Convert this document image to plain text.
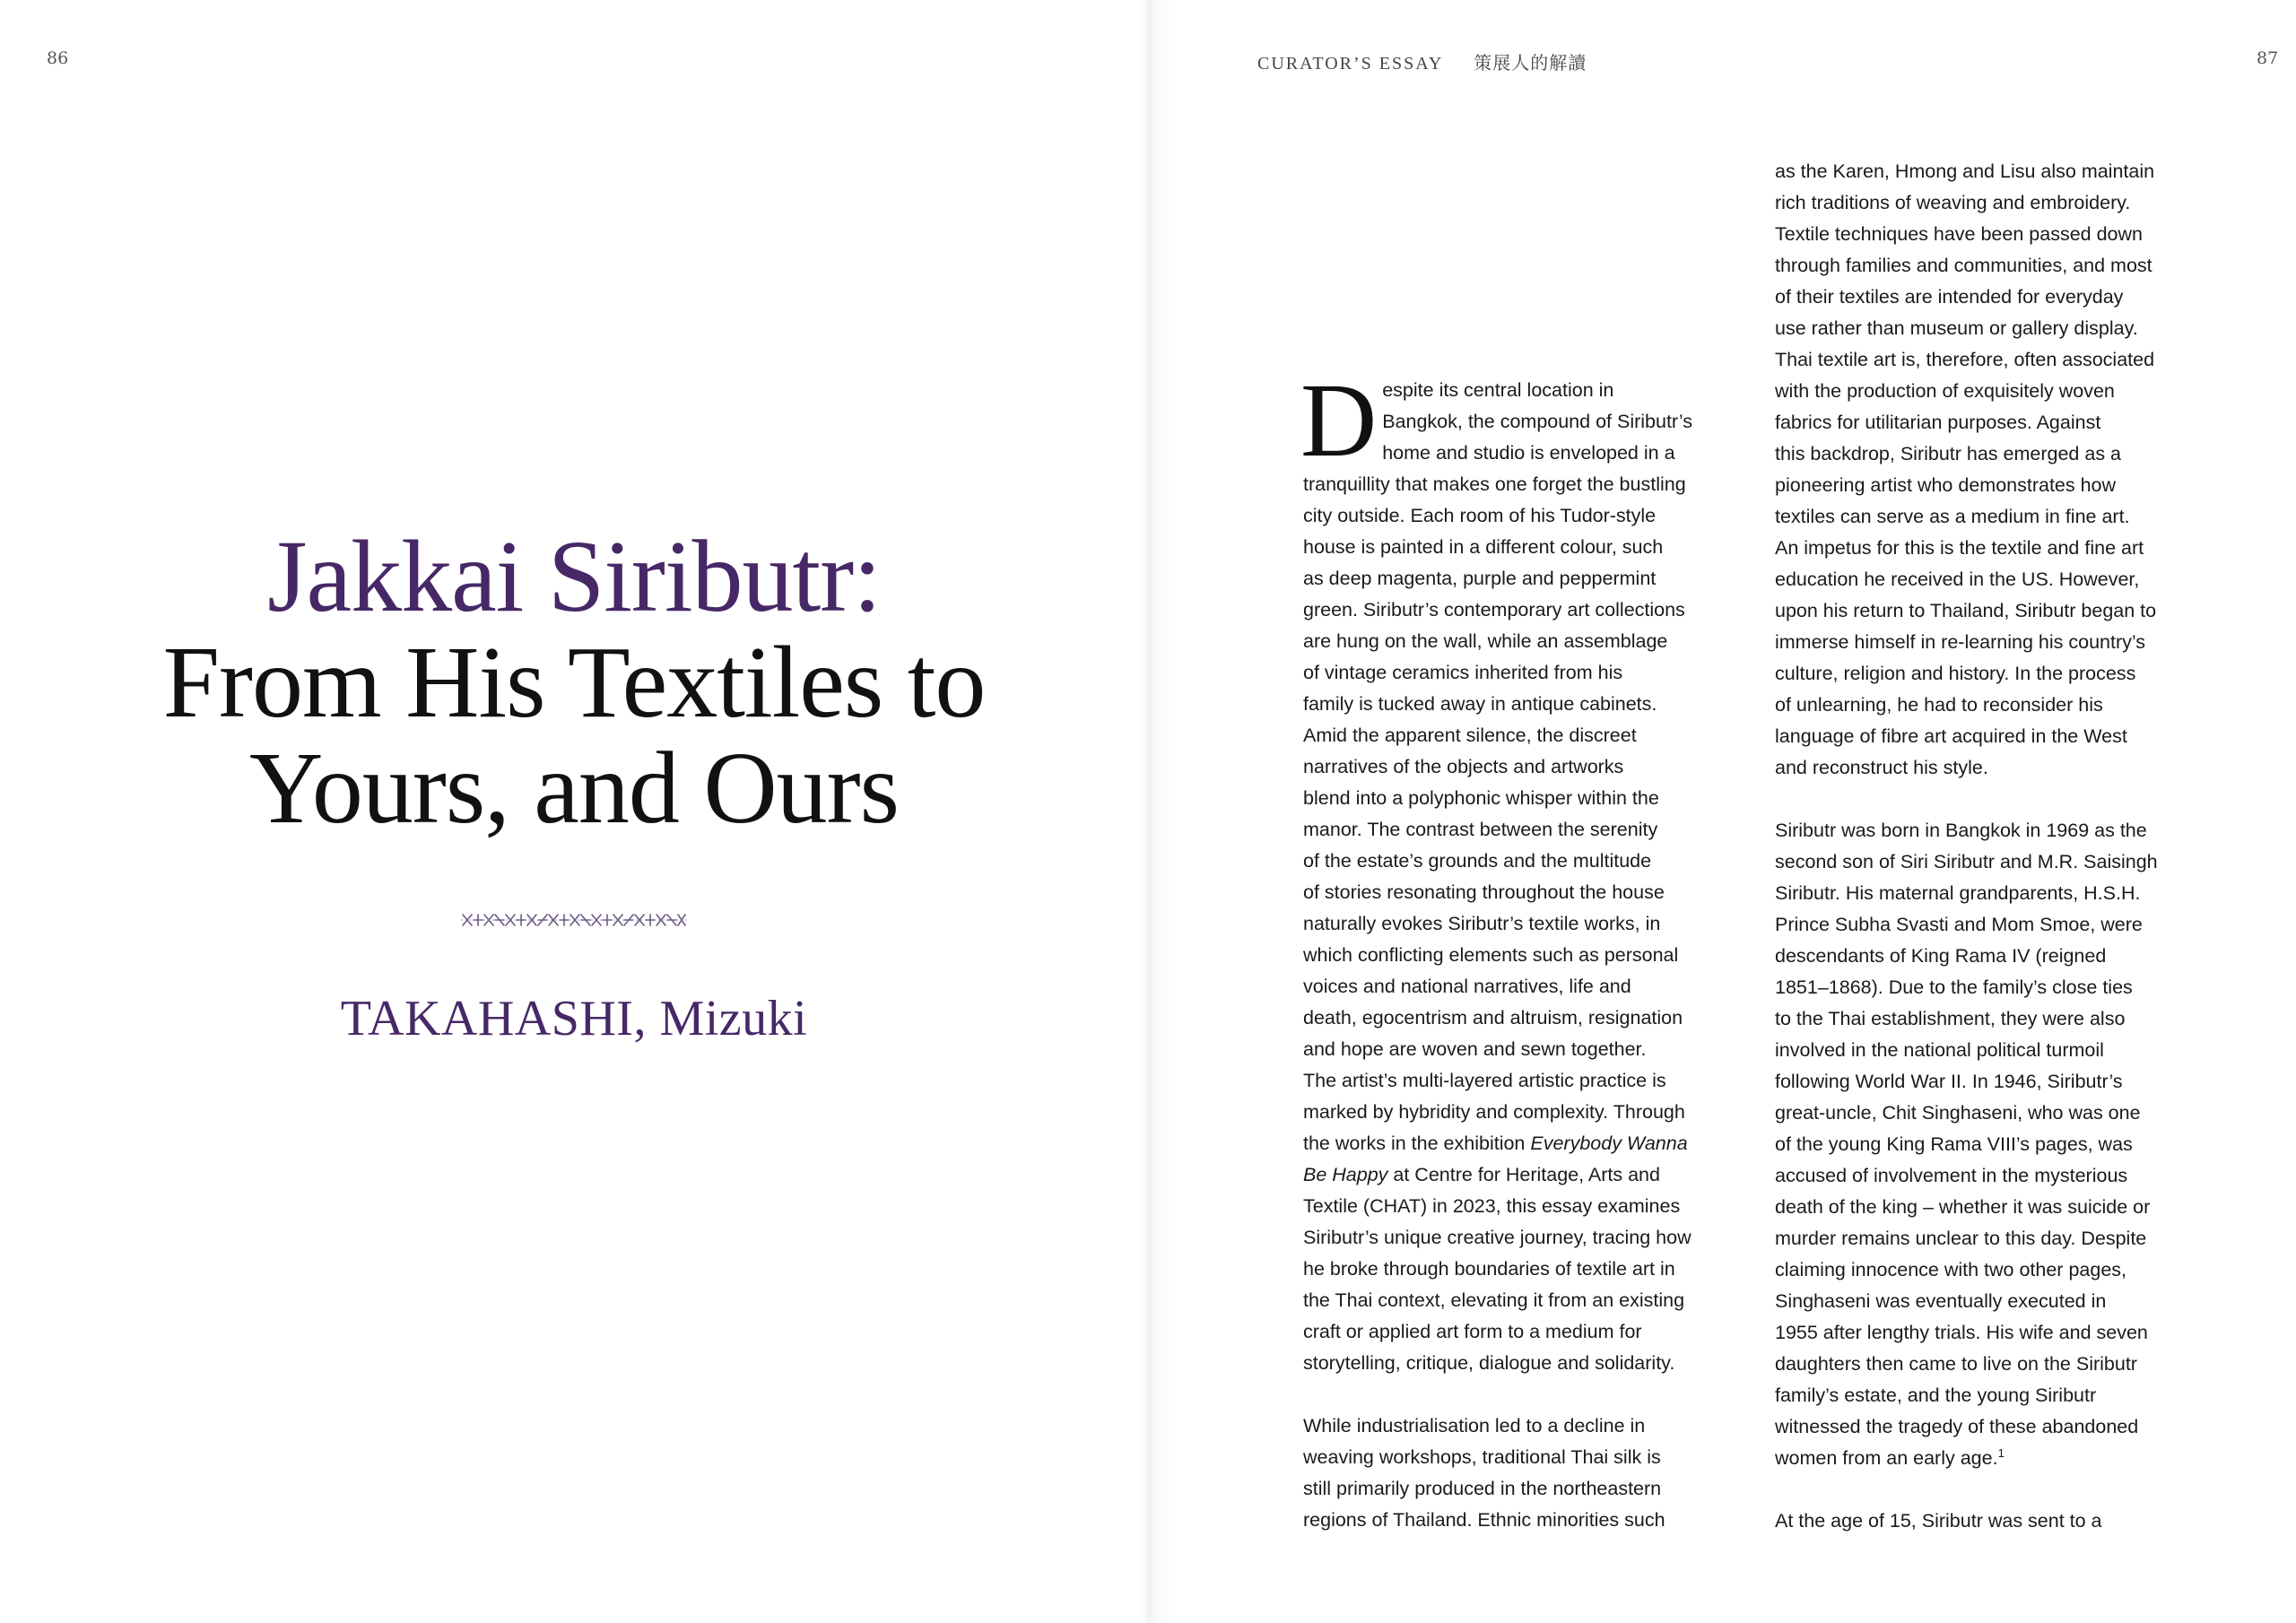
86
Jakkai Siributr:
From His Textiles to
Yours, and Ours
TAKAHASHI, Mizuki
CURATOR’S ESSAY 策展人的解讀	87

D espite its central location in
Bangkok, the compound of Siributr’s
home and studio is enveloped in a
tranquillity that makes one forget the bustling
city outside. Each room of his Tudor-style
house is painted in a different colour, such
as deep magenta, purple and peppermint
green. Siributr’s contemporary art collections
are hung on the wall, while an assemblage
of vintage ceramics inherited from his
family is tucked away in antique cabinets.
Amid the apparent silence, the discreet
narratives of the objects and artworks
blend into a polyphonic whisper within the
manor. The contrast between the serenity
of the estate’s grounds and the multitude
of stories resonating throughout the house
naturally evokes Siributr’s textile works, in
which conflicting elements such as personal
voices and national narratives, life and
death, egocentrism and altruism, resignation
and hope are woven and sewn together.
The artist’s multi-layered artistic practice is
marked by hybridity and complexity. Through
the works in the exhibition Everybody Wanna
Be Happy at Centre for Heritage, Arts and
Textile (CHAT) in 2023, this essay examines
Siributr’s unique creative journey, tracing how
he broke through boundaries of textile art in
the Thai context, elevating it from an existing
craft or applied art form to a medium for
storytelling, critique, dialogue and solidarity.

While industrialisation led to a decline in
weaving workshops, traditional Thai silk is
still primarily produced in the northeastern
regions of Thailand. Ethnic minorities such

as the Karen, Hmong and Lisu also maintain
rich traditions of weaving and embroidery.
Textile techniques have been passed down
through families and communities, and most
of their textiles are intended for everyday
use rather than museum or gallery display.
Thai textile art is, therefore, often associated
with the production of exquisitely woven
fabrics for utilitarian purposes. Against
this backdrop, Siributr has emerged as a
pioneering artist who demonstrates how
textiles can serve as a medium in fine art.
An impetus for this is the textile and fine art
education he received in the US. However,
upon his return to Thailand, Siributr began to
immerse himself in re-learning his country’s
culture, religion and history. In the process
of unlearning, he had to reconsider his
language of fibre art acquired in the West
and reconstruct his style.

Siributr was born in Bangkok in 1969 as the
second son of Siri Siributr and M.R. Saisingh
Siributr. His maternal grandparents, H.S.H.
Prince Subha Svasti and Mom Smoe, were
descendants of King Rama IV (reigned
1851–1868). Due to the family’s close ties
to the Thai establishment, they were also
involved in the national political turmoil
following World War II. In 1946, Siributr’s
great-uncle, Chit Singhaseni, who was one
of the young King Rama VIII’s pages, was
accused of involvement in the mysterious
death of the king – whether it was suicide or
murder remains unclear to this day. Despite
claiming innocence with two other pages,
Singhaseni was eventually executed in
1955 after lengthy trials. His wife and seven
daughters then came to live on the Siributr
family’s estate, and the young Siributr
witnessed the tragedy of these abandoned
women from an early age.$^1$

At the age of 15, Siributr was sent to a
